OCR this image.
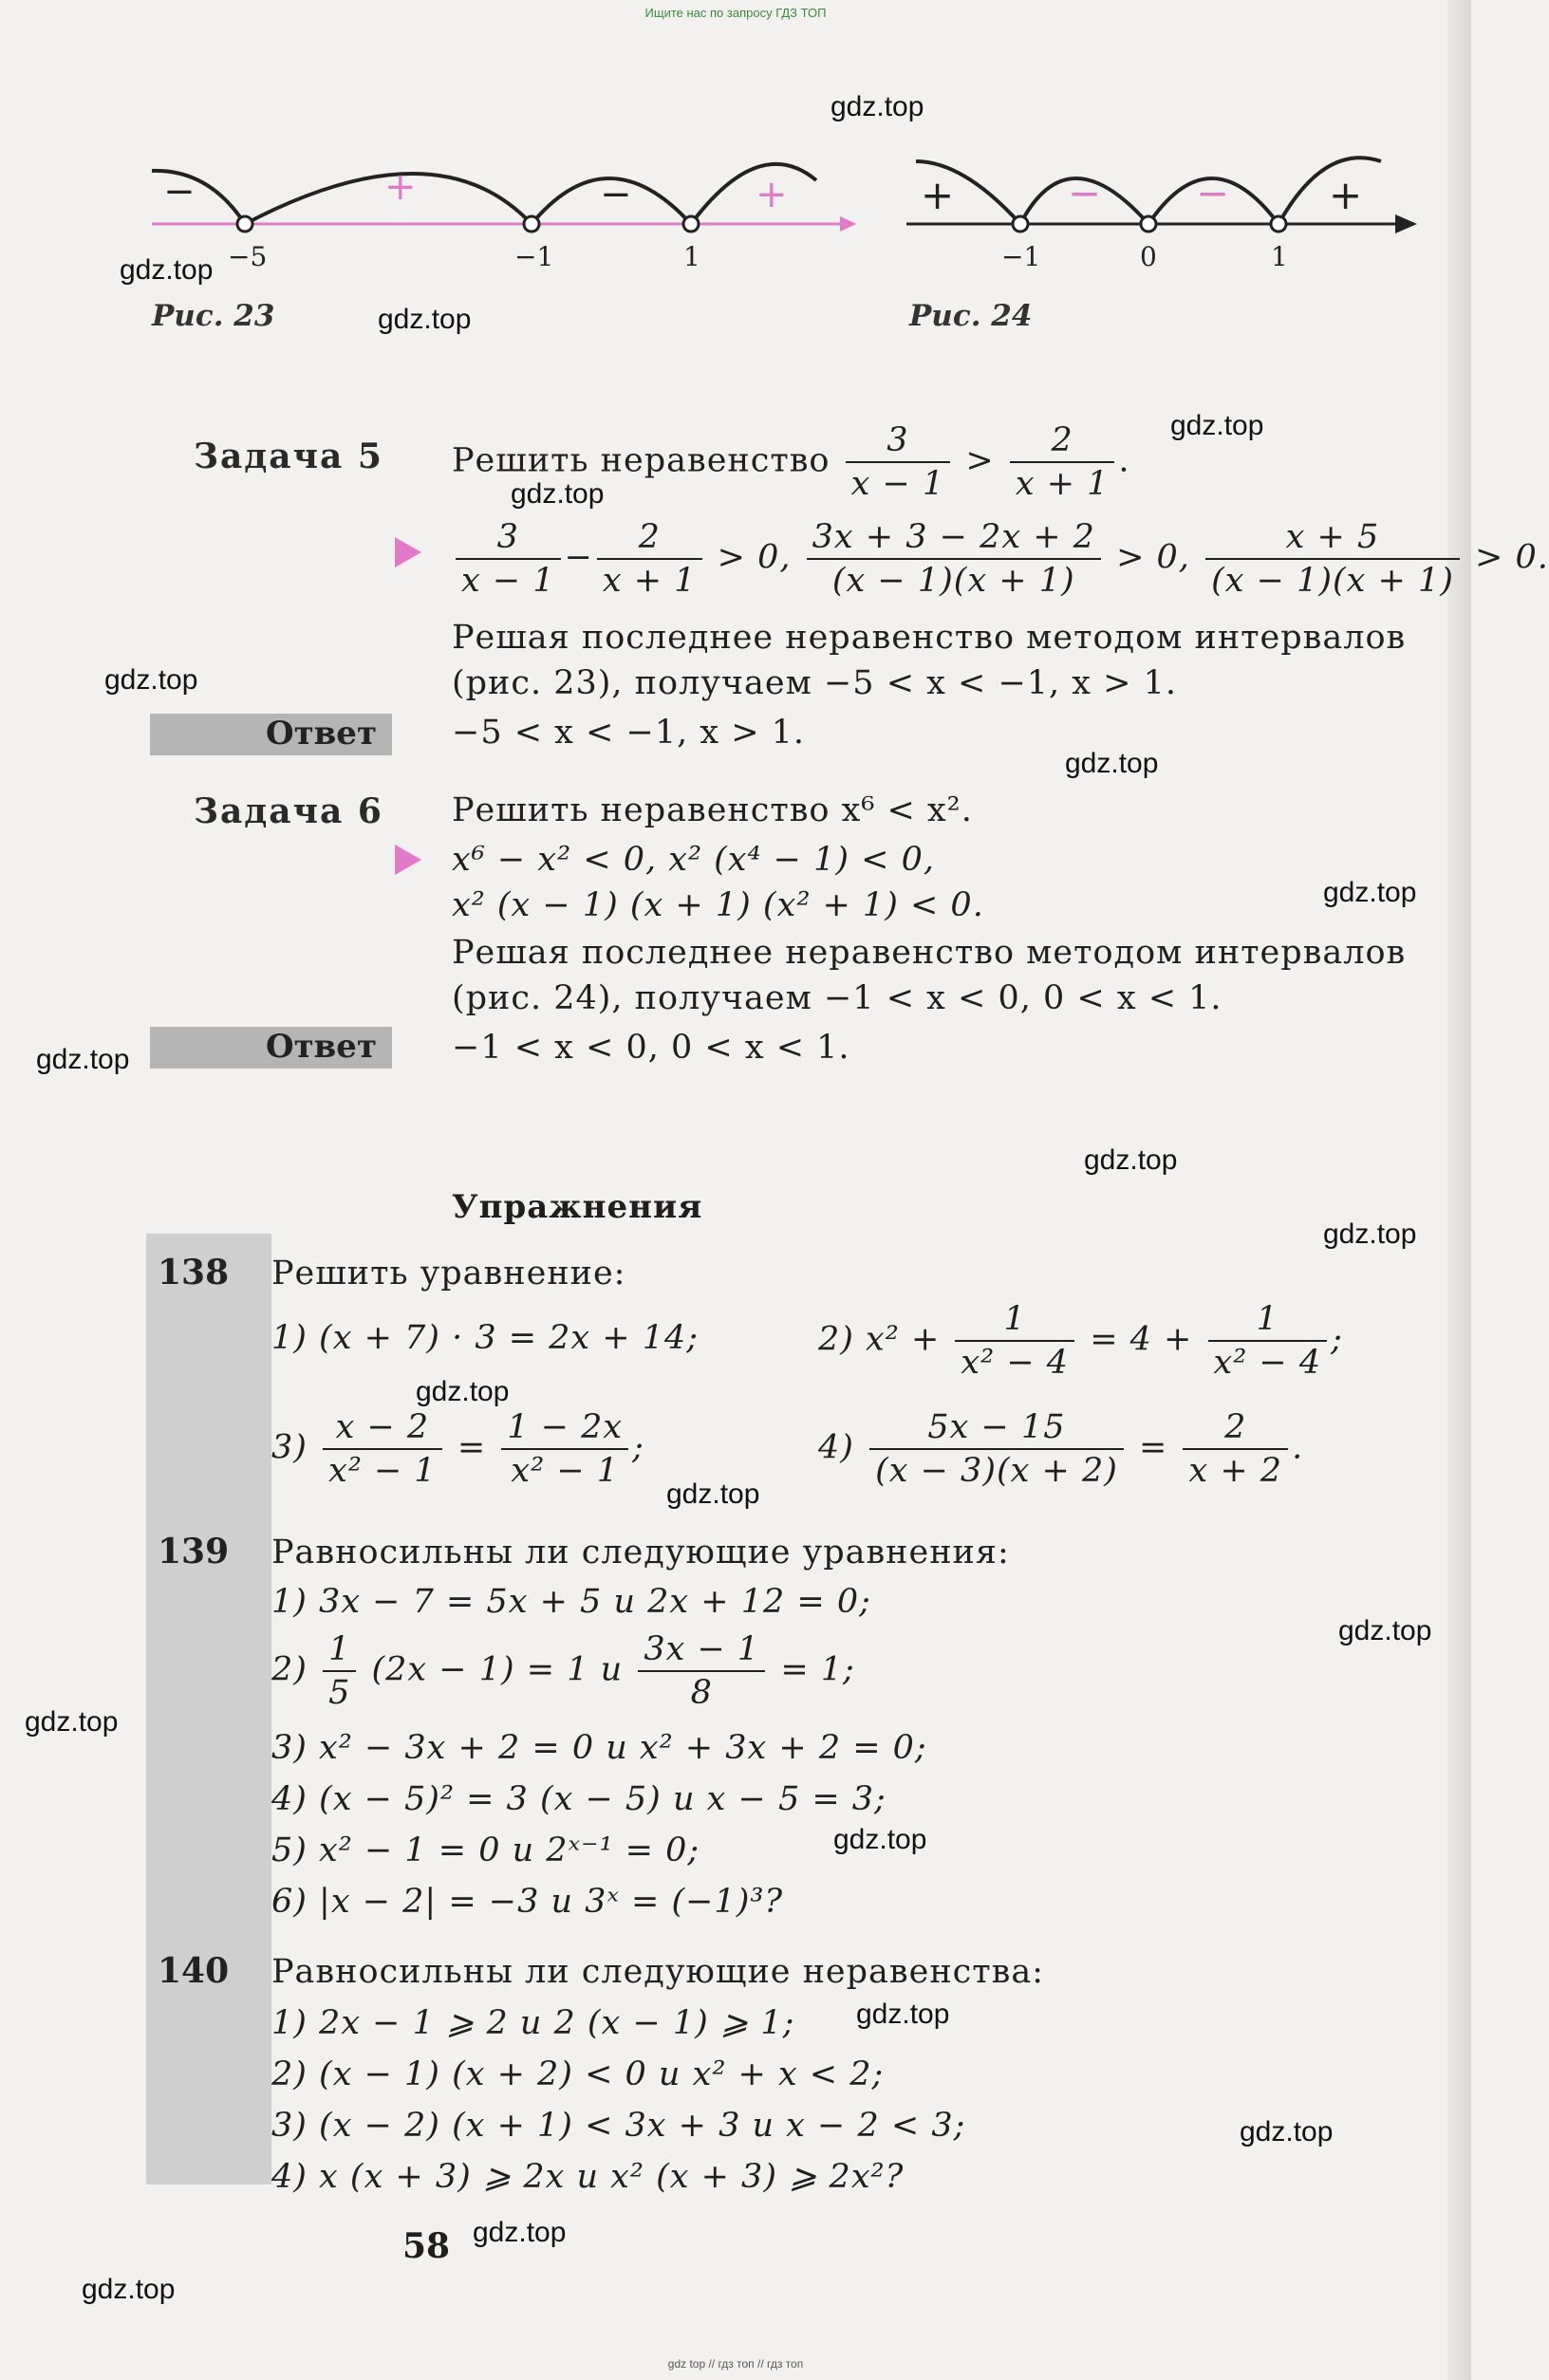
Ищите нас по запросу ГДЗ ТОП
−	+	−	+
−5	−1	1
+	− − +
−1	0	1
Рис. 23	Рис. 24
Задача 5 Решить неравенство $\frac{3}{x - 1} > \frac{2}{x + 1}$ .
$\frac{3}{x - 1} - \frac{2}{x + 1} > 0$, $\frac{3x + 3 - 2x + 2}{(x - 1)(x + 1)} > 0$, $\frac{x + 5}{(x - 1)(x + 1)} > 0$.
Решая последнее неравенство методом интервалов
(рис. 23), получаем −5 < x < −1, x > 1.
Ответ −5 < x < −1, x > 1.
Задача 6 Решить неравенство x⁶ < x².
x⁶ − x² < 0, x² (x⁴ − 1) < 0,
x² (x − 1) (x + 1) (x² + 1) < 0.
Решая последнее неравенство методом интервалов
(рис. 24), получаем −1 < x < 0, 0 < x < 1.
Ответ −1 < x < 0, 0 < x < 1.
Упражнения
138 Решить уравнение:
1) (x + 7) · 3 = 2x + 14;	2) $x^2 + \frac{1}{\text{x² − 4}} = 4 + \frac{1}{\text{x² − 4}}$ ;
$3) \frac{x - 2}{\text{x² − 1}} = \frac{1 - 2x}{\text{x² − 1}}$ ;	$4) \frac{5x - 15}{(x - 3)(x + 2)} = \frac{2}{x + 2}$ .
139 Равносильны ли следующие уравнения:
1) 3x − 7 = 5x + 5 и 2x + 12 = 0;
$2) \frac{1}{5} (2x - 1) = 1$ и $\frac{3x - 1}{8} = 1$;
3) x² − 3x + 2 = 0 и x² + 3x + 2 = 0;
4) (x − 5)² = 3 (x − 5) и x − 5 = 3;
5) x² − 1 = 0 и 2ˣ⁻¹ = 0;
6) |x − 2| = −3 и 3ˣ = (−1)³?
140 Равносильны ли следующие неравенства:
1) 2x − 1 ⩾ 2 и 2 (x − 1) ⩾ 1;
2) (x − 1) (x + 2) < 0 и x² + x < 2;
3) (x − 2) (x + 1) < 3x + 3 и x − 2 < 3;
4) x (x + 3) ⩾ 2x и x² (x + 3) ⩾ 2x²?
58
gdz.top
gdz.top
gdz.top
gdz.top
gdz.top
gdz.top
gdz.top
gdz.top
gdz.top
gdz.top
gdz.top
gdz.top
gdz.top
gdz.top
gdz.top
gdz.top
gdz.top
gdz.top
gdz.top
gdz.top
gdz top // гдз топ // гдз топ
